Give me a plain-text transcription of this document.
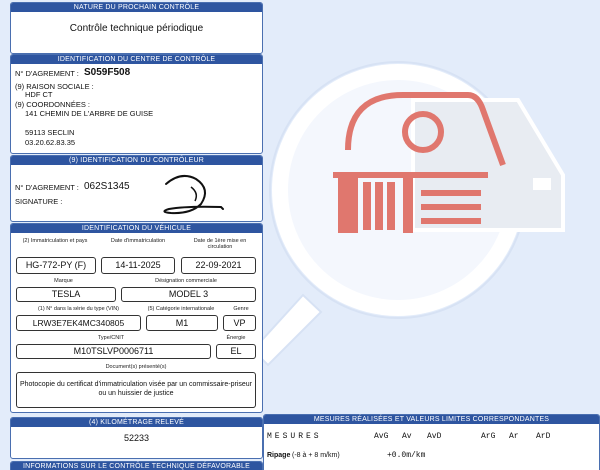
NATURE DU PROCHAIN CONTRÔLE
Contrôle technique périodique
IDENTIFICATION DU CENTRE DE CONTRÔLE
N° D'AGREMENT : S059F508
(9) RAISON SOCIALE :
HDF CT
(9) COORDONNÉES :
141 CHEMIN DE L'ARBRE DE GUISE
59113 SECLIN
03.20.62.83.35
(9) IDENTIFICATION DU CONTRÔLEUR
N° D'AGREMENT : 062S1345
SIGNATURE :
IDENTIFICATION DU VÉHICULE
(2) Immatriculation et pays	Date d'immatriculation	Date de 1ère mise en circulation
HG-772-PY (F)	14-11-2025	22-09-2021
Marque	Désignation commerciale
TESLA	MODEL 3
(1) N° dans la série du type (VIN)	(5) Catégorie internationale	Genre
LRW3E7EK4MC340805	M1	VP
Type/CNIT	Énergie
M10TSLVP0006711	EL
Document(s) présenté(s)
Photocopie du certificat d'immatriculation visée par un commissaire-priseur ou un huissier de justice
(4) KILOMÉTRAGE RELEVÉ
52233
INFORMATIONS SUR LE CONTRÔLE TECHNIQUE DÉFAVORABLE
MESURES RÉALISÉES ET VALEURS LIMITES CORRESPONDANTES
MESURES	AvG Av AvD	ArG Ar ArD
Ripage (-8 à + 8 m/km)	+0.0m/km
